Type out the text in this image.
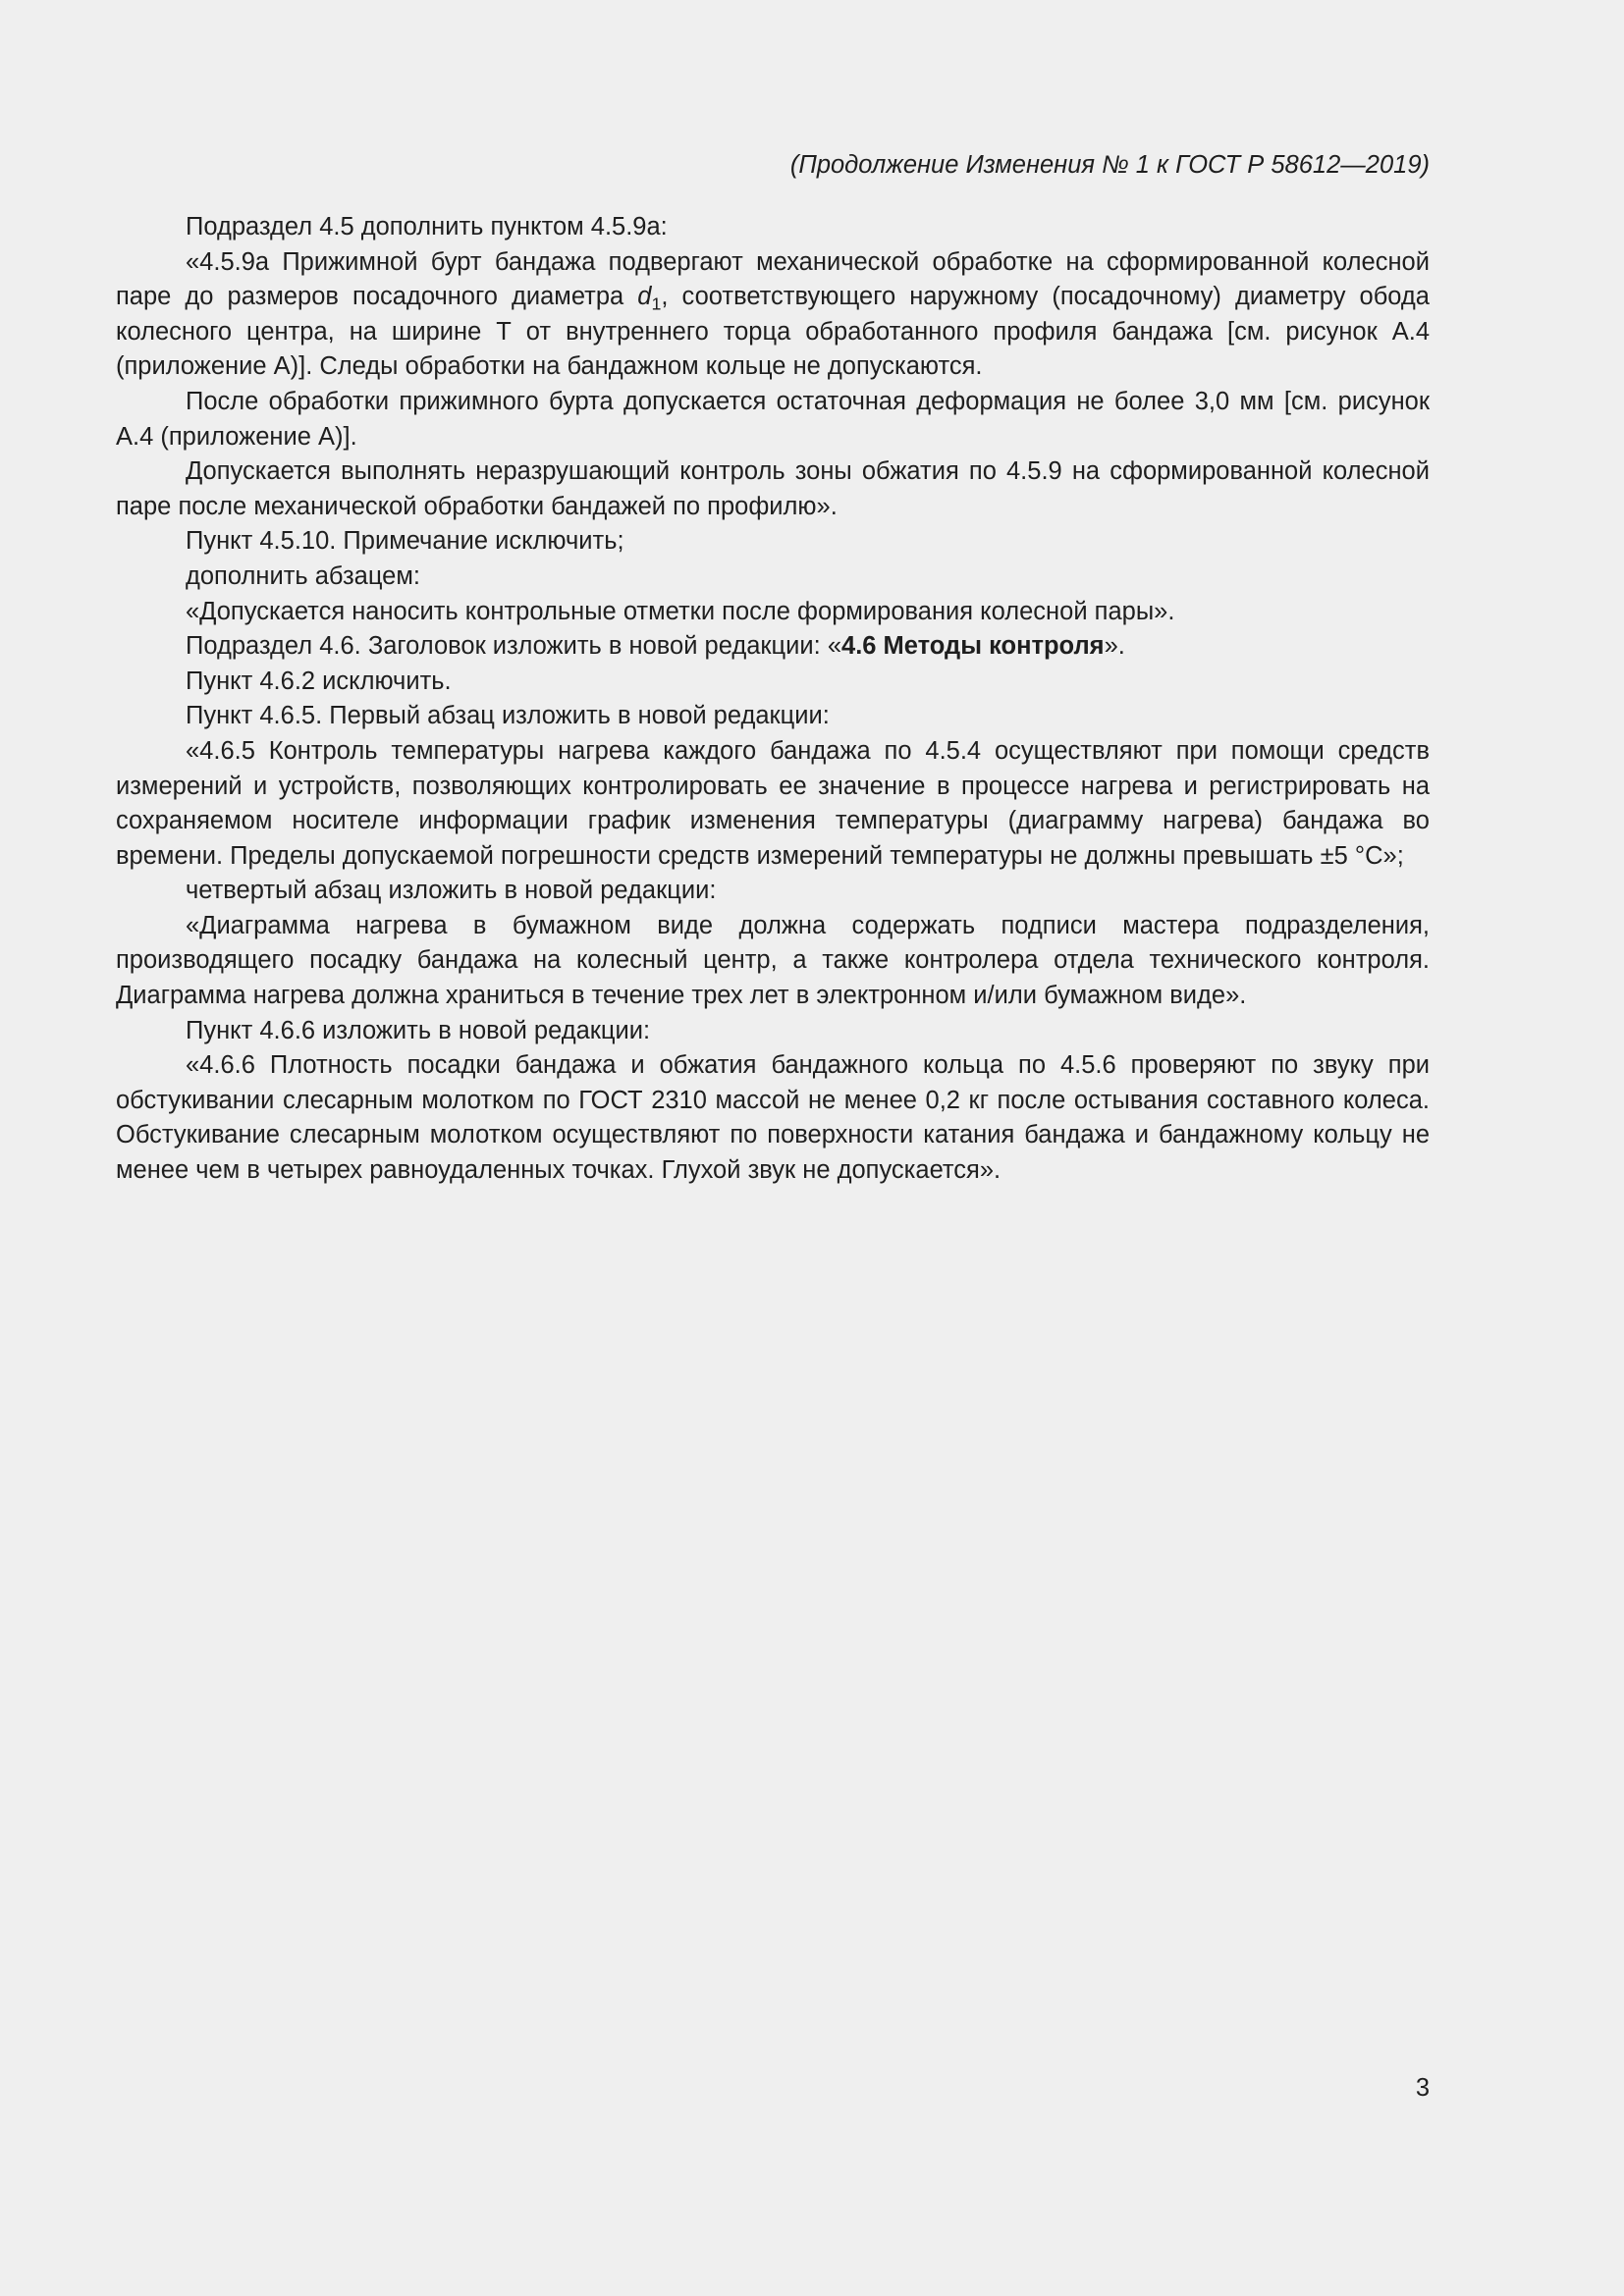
(Продолжение Изменения № 1 к ГОСТ Р 58612—2019)

Подраздел 4.5 дополнить пунктом 4.5.9а:

«4.5.9а Прижимной бурт бандажа подвергают механической обработке на сформированной колесной паре до размеров посадочного диаметра $d_1$, соответствующего наружному (посадочному) диаметру обода колесного центра, на ширине Т от внутреннего торца обработанного профиля бандажа [см. рисунок А.4 (приложение А)]. Следы обработки на бандажном кольце не допускаются.

После обработки прижимного бурта допускается остаточная деформация не более 3,0 мм [см. рисунок А.4 (приложение А)].

Допускается выполнять неразрушающий контроль зоны обжатия по 4.5.9 на сформированной колесной паре после механической обработки бандажей по профилю».

Пункт 4.5.10. Примечание исключить;

дополнить абзацем:

«Допускается наносить контрольные отметки после формирования колесной пары».

Подраздел 4.6. Заголовок изложить в новой редакции: «4.6 Методы контроля».

Пункт 4.6.2 исключить.

Пункт 4.6.5. Первый абзац изложить в новой редакции:

«4.6.5 Контроль температуры нагрева каждого бандажа по 4.5.4 осуществляют при помощи средств измерений и устройств, позволяющих контролировать ее значение в процессе нагрева и регистрировать на сохраняемом носителе информации график изменения температуры (диаграмму нагрева) бандажа во времени. Пределы допускаемой погрешности средств измерений температуры не должны превышать ±5 °С»;

четвертый абзац изложить в новой редакции:

«Диаграмма нагрева в бумажном виде должна содержать подписи мастера подразделения, производящего посадку бандажа на колесный центр, а также контролера отдела технического контроля. Диаграмма нагрева должна храниться в течение трех лет в электронном и/или бумажном виде».

Пункт 4.6.6 изложить в новой редакции:

«4.6.6 Плотность посадки бандажа и обжатия бандажного кольца по 4.5.6 проверяют по звуку при обстукивании слесарным молотком по ГОСТ 2310 массой не менее 0,2 кг после остывания составного колеса. Обстукивание слесарным молотком осуществляют по поверхности катания бандажа и бандажному кольцу не менее чем в четырех равноудаленных точках. Глухой звук не допускается».

3
